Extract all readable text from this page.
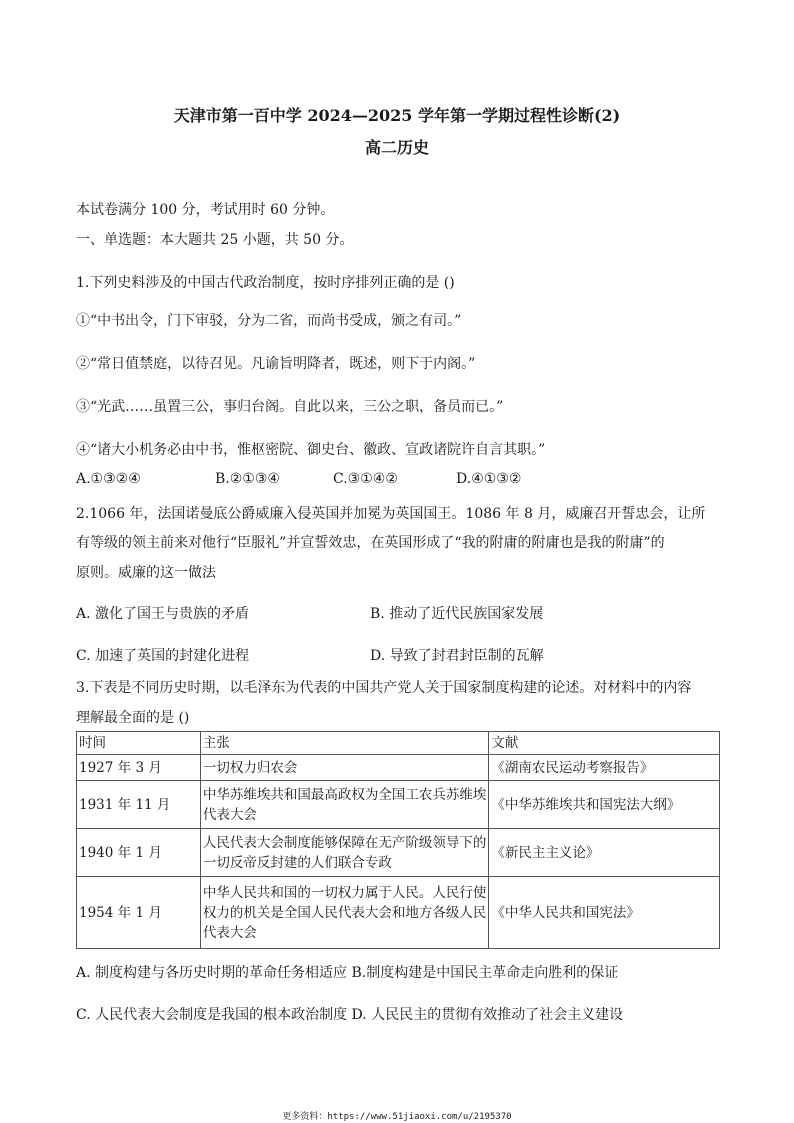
天津市第一百中学 2024—2025 学年第一学期过程性诊断(2)
高二历史
本试卷满分 100 分，考试用时 60 分钟。
一、单选题：本大题共 25 小题，共 50 分。
1.下列史料涉及的中国古代政治制度，按时序排列正确的是 ()
①“中书出令，门下审驳，分为二省，而尚书受成，颁之有司。”
②“常日值禁庭，以待召见。凡谕旨明降者，既述，则下于内阁。”
③“光武……虽置三公，事归台阁。自此以来，三公之职，备员而已。”
④“诸大小机务必由中书，惟枢密院、御史台、徽政、宣政诸院许自言其职。”
A.①③②④	B.②①③④	C.③①④②	D.④①③②
2.1066 年，法国诺曼底公爵威廉入侵英国并加冕为英国国王。1086 年 8 月，威廉召开誓忠会，让所
有等级的领主前来对他行“臣服礼”并宣誓效忠，在英国形成了“我的附庸的附庸也是我的附庸”的
原则。威廉的这一做法
A. 激化了国王与贵族的矛盾	B. 推动了近代民族国家发展
C. 加速了英国的封建化进程	D. 导致了封君封臣制的瓦解
3.下表是不同历史时期，以毛泽东为代表的中国共产党人关于国家制度构建的论述。对材料中的内容
理解最全面的是 ()
时间	主张	文献
1927 年 3 月	一切权力归农会	《湖南农民运动考察报告》
1931 年 11 月	中华苏维埃共和国最高政权为全国工农兵苏维埃代表大会	《中华苏维埃共和国宪法大纲》
1940 年 1 月	人民代表大会制度能够保障在无产阶级领导下的一切反帝反封建的人们联合专政	《新民主主义论》
1954 年 1 月	中华人民共和国的一切权力属于人民。人民行使权力的机关是全国人民代表大会和地方各级人民代表大会	《中华人民共和国宪法》
A. 制度构建与各历史时期的革命任务相适应 B.制度构建是中国民主革命走向胜利的保证
C. 人民代表大会制度是我国的根本政治制度 D. 人民民主的贯彻有效推动了社会主义建设
更多资料：https://www.51jiaoxi.com/u/2195370
